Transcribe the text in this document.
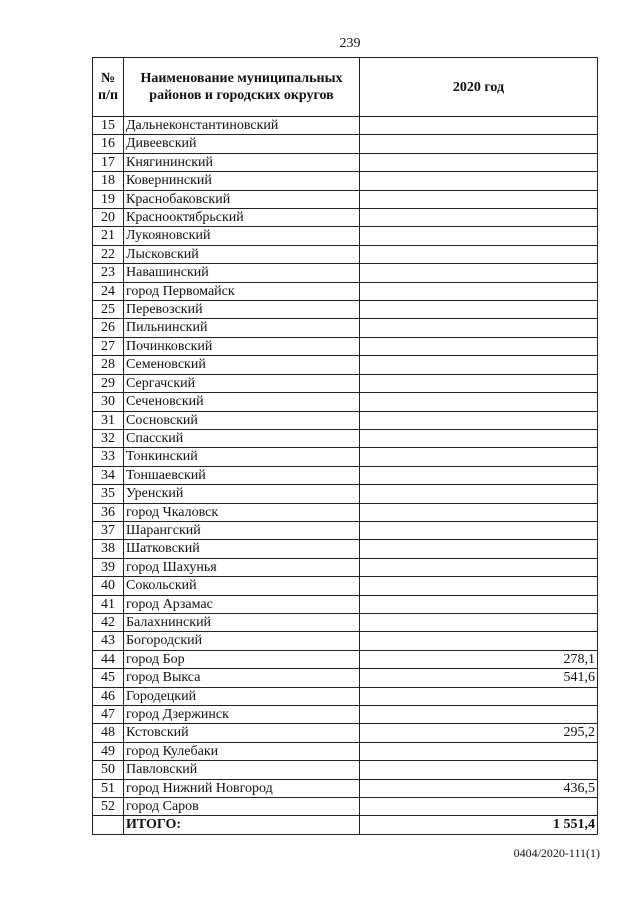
239
№ п/п	Наименование муниципальных районов и городских округов	2020 год
15	Дальнеконстантиновский	
16	Дивеевский	
17	Княгининский	
18	Ковернинский	
19	Краснобаковский	
20	Краснооктябрьский	
21	Лукояновский	
22	Лысковский	
23	Навашинский	
24	город Первомайск	
25	Перевозский	
26	Пильнинский	
27	Починковский	
28	Семеновский	
29	Сергачский	
30	Сеченовский	
31	Сосновский	
32	Спасский	
33	Тонкинский	
34	Тоншаевский	
35	Уренский	
36	город Чкаловск	
37	Шарангский	
38	Шатковский	
39	город Шахунья	
40	Сокольский	
41	город Арзамас	
42	Балахнинский	
43	Богородский	
44	город Бор	278,1
45	город Выкса	541,6
46	Городецкий	
47	город Дзержинск	
48	Кстовский	295,2
49	город Кулебаки	
50	Павловский	
51	город Нижний Новгород	436,5
52	город Саров	
	ИТОГО:	1 551,4
0404/2020-111(1)
